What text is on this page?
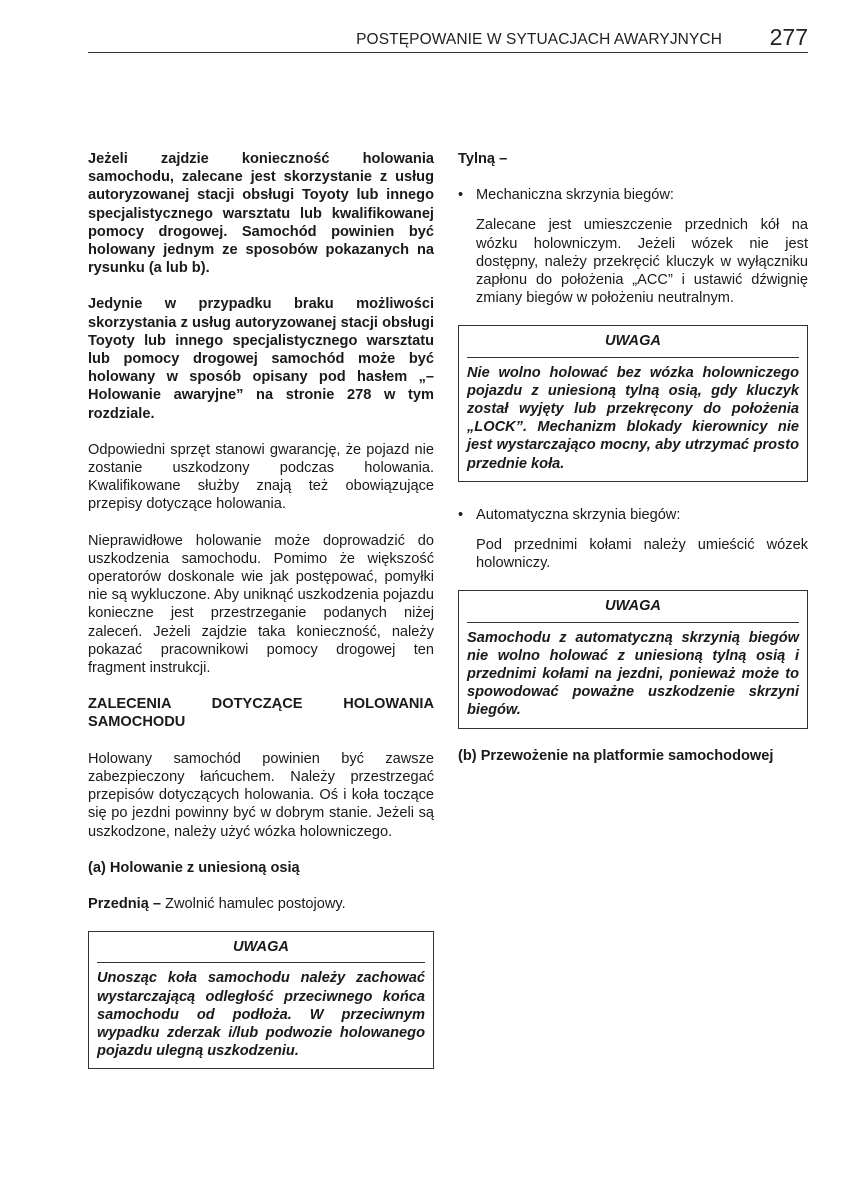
POSTĘPOWANIE W SYTUACJACH AWARYJNYCH 277

Jeżeli zajdzie konieczność holowania samochodu, zalecane jest skorzystanie z usług autoryzowanej stacji obsługi Toyoty lub innego specjalistycznego warsztatu lub kwalifikowanej pomocy drogowej. Samochód powinien być holowany jednym ze sposobów pokazanych na rysunku (a lub b).

Jedynie w przypadku braku możliwości skorzystania z usług autoryzowanej stacji obsługi Toyoty lub innego specjalistycznego warsztatu lub pomocy drogowej samochód może być holowany w sposób opisany pod hasłem „–Holowanie awaryjne” na stronie 278 w tym rozdziale.

Odpowiedni sprzęt stanowi gwarancję, że pojazd nie zostanie uszkodzony podczas holowania. Kwalifikowane służby znają też obowiązujące przepisy dotyczące holowania.

Nieprawidłowe holowanie może doprowadzić do uszkodzenia samochodu. Pomimo że większość operatorów doskonale wie jak postępować, pomyłki nie są wykluczone. Aby uniknąć uszkodzenia pojazdu konieczne jest przestrzeganie podanych niżej zaleceń. Jeżeli zajdzie taka konieczność, należy pokazać pracownikowi pomocy drogowej ten fragment instrukcji.

ZALECENIA DOTYCZĄCE HOLOWANIA SAMOCHODU

Holowany samochód powinien być zawsze zabezpieczony łańcuchem. Należy przestrzegać przepisów dotyczących holowania. Oś i koła toczące się po jezdni powinny być w dobrym stanie. Jeżeli są uszkodzone, należy użyć wózka holowniczego.

(a) Holowanie z uniesioną osią

Przednią – Zwolnić hamulec postojowy.

UWAGA
Unosząc koła samochodu należy zachować wystarczającą odległość przeciwnego końca samochodu od podłoża. W przeciwnym wypadku zderzak i/lub podwozie holowanego pojazdu ulegną uszkodzeniu.

Tylną –

• Mechaniczna skrzynia biegów:

Zalecane jest umieszczenie przednich kół na wózku holowniczym. Jeżeli wózek nie jest dostępny, należy przekręcić kluczyk w wyłączniku zapłonu do położenia „ACC” i ustawić dźwignię zmiany biegów w położeniu neutralnym.

UWAGA
Nie wolno holować bez wózka holowniczego pojazdu z uniesioną tylną osią, gdy kluczyk został wyjęty lub przekręcony do położenia „LOCK”. Mechanizm blokady kierownicy nie jest wystarczająco mocny, aby utrzymać prosto przednie koła.

• Automatyczna skrzynia biegów:

Pod przednimi kołami należy umieścić wózek holowniczy.

UWAGA
Samochodu z automatyczną skrzynią biegów nie wolno holować z uniesioną tylną osią i przednimi kołami na jezdni, ponieważ może to spowodować poważne uszkodzenie skrzyni biegów.

(b) Przewożenie na platformie samochodowej
